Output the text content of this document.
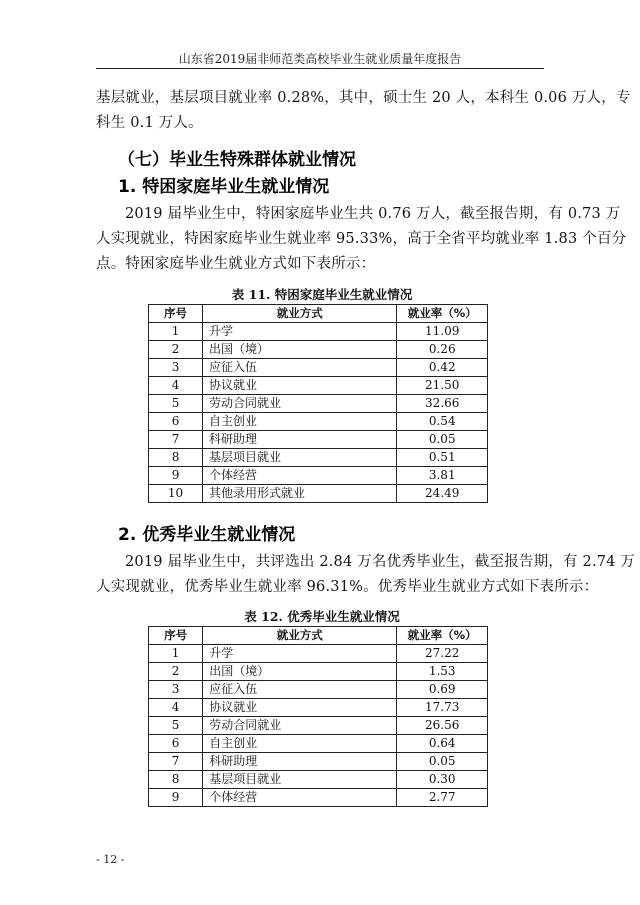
山东省2019届非师范类高校毕业生就业质量年度报告
基层就业，基层项目就业率 0.28%，其中，硕士生 20 人，本科生 0.06 万人，专
科生 0.1 万人。
（七）毕业生特殊群体就业情况
1. 特困家庭毕业生就业情况
2019 届毕业生中，特困家庭毕业生共 0.76 万人，截至报告期，有 0.73 万
人实现就业，特困家庭毕业生就业率 95.33%，高于全省平均就业率 1.83 个百分
点。特困家庭毕业生就业方式如下表所示：
表 11. 特困家庭毕业生就业情况
序号	就业方式	就业率（%）
1	升学	11.09
2	出国（境）	0.26
3	应征入伍	0.42
4	协议就业	21.50
5	劳动合同就业	32.66
6	自主创业	0.54
7	科研助理	0.05
8	基层项目就业	0.51
9	个体经营	3.81
10	其他录用形式就业	24.49
2. 优秀毕业生就业情况
2019 届毕业生中，共评选出 2.84 万名优秀毕业生，截至报告期，有 2.74 万
人实现就业，优秀毕业生就业率 96.31%。优秀毕业生就业方式如下表所示：
表 12. 优秀毕业生就业情况
序号	就业方式	就业率（%）
1	升学	27.22
2	出国（境）	1.53
3	应征入伍	0.69
4	协议就业	17.73
5	劳动合同就业	26.56
6	自主创业	0.64
7	科研助理	0.05
8	基层项目就业	0.30
9	个体经营	2.77
- 12 -
